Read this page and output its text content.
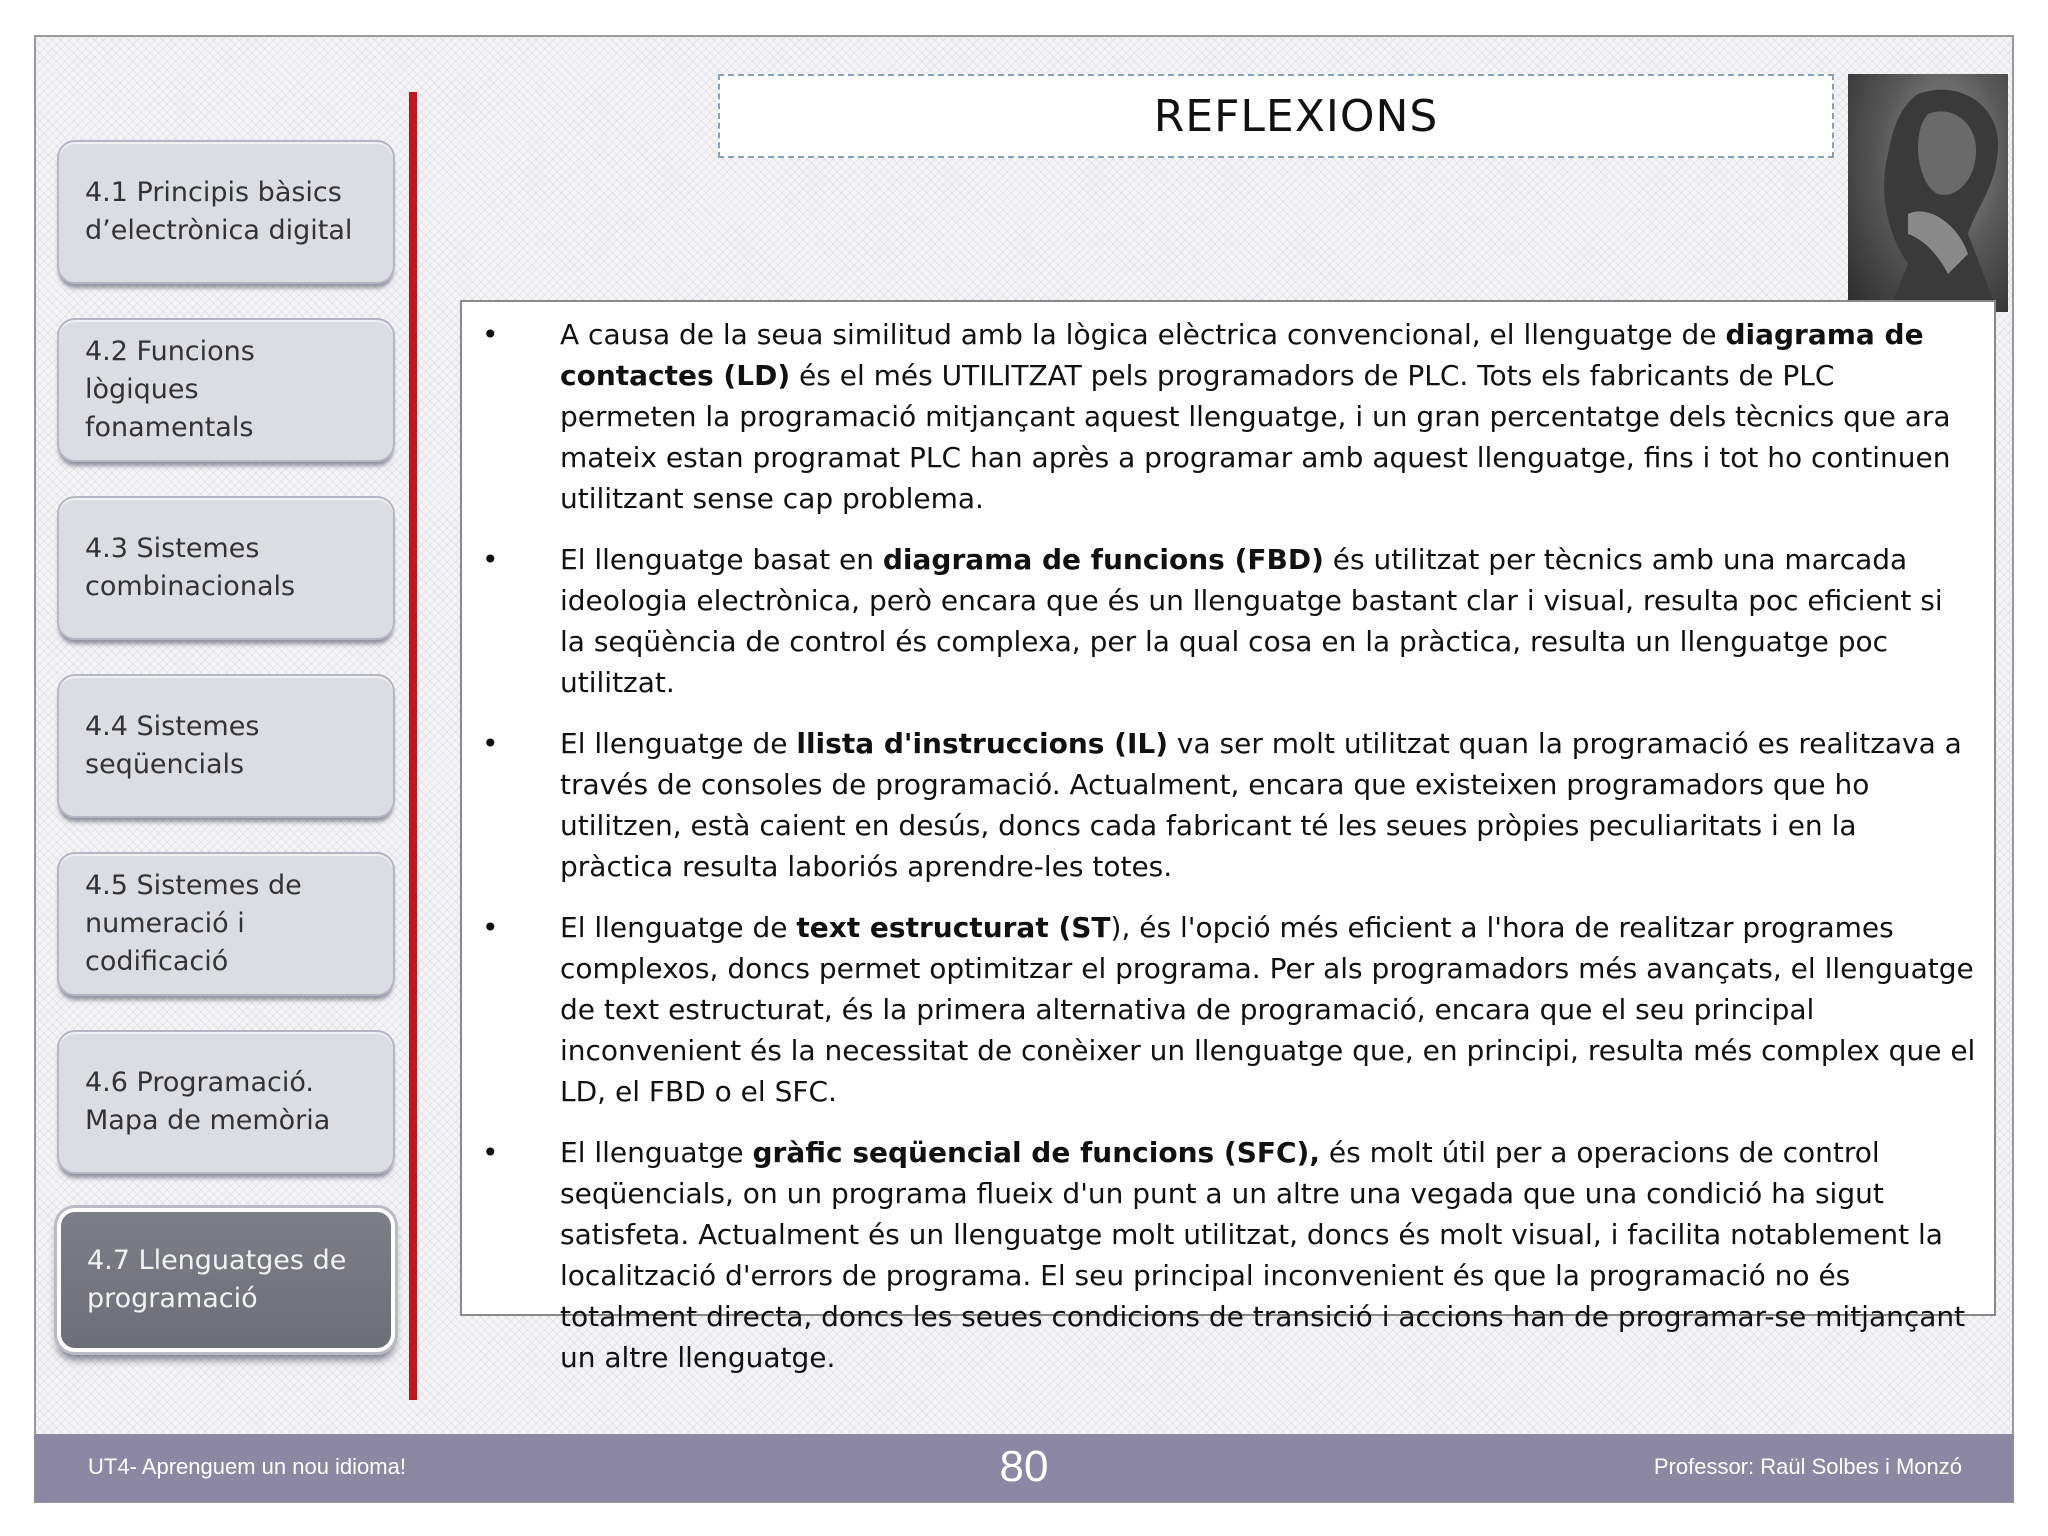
4.1 Principis bàsics
d’electrònica digital
4.2 Funcions lògiques
fonamentals
4.3 Sistemes
combinacionals
4.4 Sistemes
seqüencials
4.5 Sistemes de
numeració i
codificació
4.6 Programació.
Mapa de memòria
4.7 Llenguatges de
programació
REFLEXIONS
• A causa de la seua similitud amb la lògica elèctrica convencional, el llenguatge de diagrama de contactes (LD) és el més UTILITZAT pels programadors de PLC. Tots els fabricants de PLC permeten la programació mitjançant aquest llenguatge, i un gran percentatge dels tècnics que ara mateix estan programat PLC han après a programar amb aquest llenguatge, fins i tot ho continuen utilitzant sense cap problema.
• El llenguatge basat en diagrama de funcions (FBD) és utilitzat per tècnics amb una marcada ideologia electrònica, però encara que és un llenguatge bastant clar i visual, resulta poc eficient si la seqüència de control és complexa, per la qual cosa en la pràctica, resulta un llenguatge poc utilitzat.
• El llenguatge de llista d'instruccions (IL) va ser molt utilitzat quan la programació es realitzava a través de consoles de programació. Actualment, encara que existeixen programadors que ho utilitzen, està caient en desús, doncs cada fabricant té les seues pròpies peculiaritats i en la pràctica resulta laboriós aprendre-les totes.
• El llenguatge de text estructurat (ST), és l'opció més eficient a l'hora de realitzar programes complexos, doncs permet optimitzar el programa. Per als programadors més avançats, el llenguatge de text estructurat, és la primera alternativa de programació, encara que el seu principal inconvenient és la necessitat de conèixer un llenguatge que, en principi, resulta més complex que el LD, el FBD o el SFC.
• El llenguatge gràfic seqüencial de funcions (SFC), és molt útil per a operacions de control seqüencials, on un programa flueix d'un punt a un altre una vegada que una condició ha sigut satisfeta. Actualment és un llenguatge molt utilitzat, doncs és molt visual, i facilita notablement la localització d'errors de programa. El seu principal inconvenient és que la programació no és totalment directa, doncs les seues condicions de transició i accions han de programar-se mitjançant un altre llenguatge.
UT4- Aprenguem un nou idioma!	80	Professor: Raül Solbes i Monzó
